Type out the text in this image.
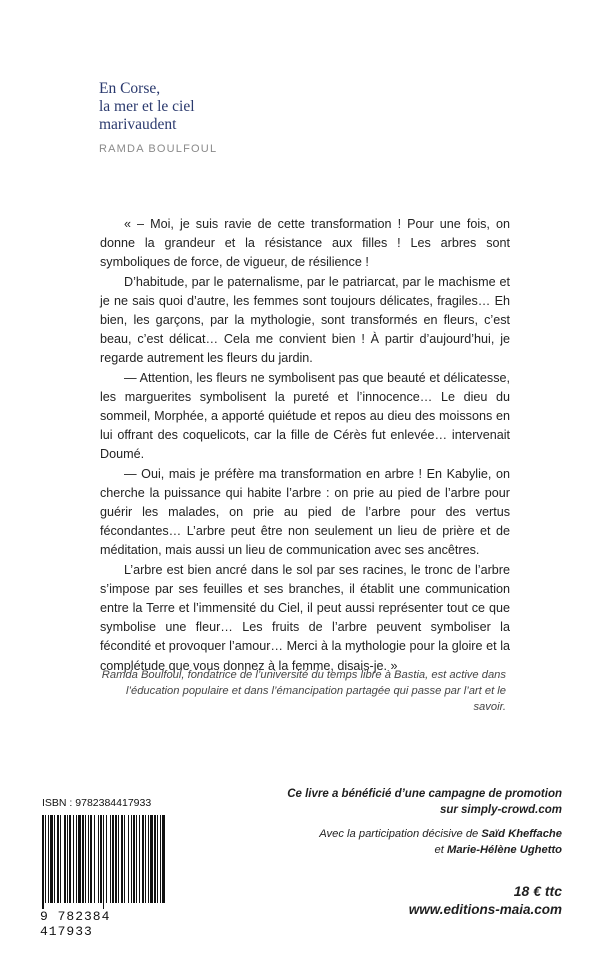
En Corse,
la mer et le ciel
marivaudent
RAMDA BOULFOUL

« – Moi, je suis ravie de cette transformation ! Pour une fois, on donne la grandeur et la résistance aux filles ! Les arbres sont symboliques de force, de vigueur, de résilience !

D’habitude, par le paternalisme, par le patriarcat, par le machisme et je ne sais quoi d’autre, les femmes sont toujours délicates, fragiles… Eh bien, les garçons, par la mythologie, sont transformés en fleurs, c’est beau, c’est délicat… Cela me convient bien ! À partir d’aujourd’hui, je regarde autrement les fleurs du jardin.

— Attention, les fleurs ne symbolisent pas que beauté et délicatesse, les marguerites symbolisent la pureté et l’innocence… Le dieu du sommeil, Morphée, a apporté quiétude et repos au dieu des moissons en lui offrant des coquelicots, car la fille de Cérès fut enlevée… intervenait Doumé.

— Oui, mais je préfère ma transformation en arbre ! En Kabylie, on cherche la puissance qui habite l’arbre : on prie au pied de l’arbre pour guérir les malades, on prie au pied de l’arbre pour des vertus fécondantes… L’arbre peut être non seulement un lieu de prière et de méditation, mais aussi un lieu de communication avec ses ancêtres.

L’arbre est bien ancré dans le sol par ses racines, le tronc de l’arbre s’impose par ses feuilles et ses branches, il établit une communication entre la Terre et l’immensité du Ciel, il peut aussi représenter tout ce que symbolise une fleur… Les fruits de l’arbre peuvent symboliser la fécondité et provoquer l’amour… Merci à la mythologie pour la gloire et la complétude que vous donnez à la femme, disais-je. »

Ramda Boulfoul, fondatrice de l’université du temps libre à Bastia, est active dans l’éducation populaire et dans l’émancipation partagée qui passe par l’art et le savoir.
Ce livre a bénéficié d’une campagne de promotion
sur simply-crowd.com
Avec la participation décisive de Saïd Kheffache
et Marie-Hélène Ughetto
18 € ttc
www.editions-maia.com
ISBN : 9782384417933
9 782384 417933
